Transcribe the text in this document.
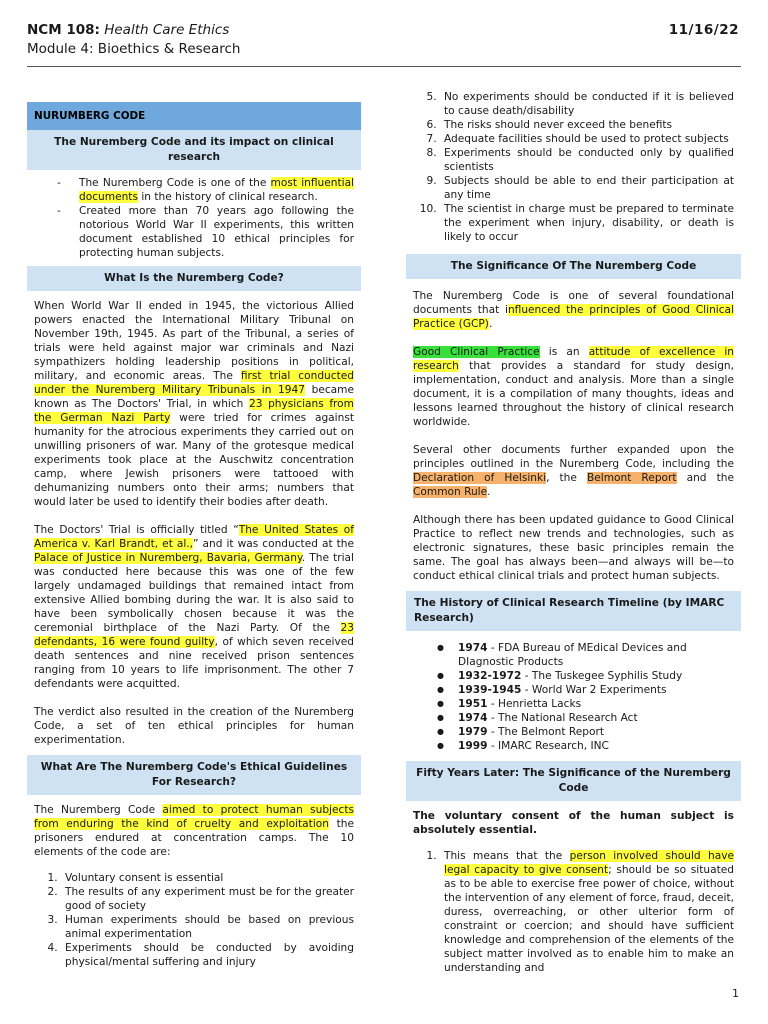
NCM 108: Health Care Ethics	11/16/22
Module 4: Bioethics & Research
NURUMBERG CODE
The Nuremberg Code and its impact on clinical research
- The Nuremberg Code is one of the most influential documents in the history of clinical research.
- Created more than 70 years ago following the notorious World War II experiments, this written document established 10 ethical principles for protecting human subjects.
What Is the Nuremberg Code?

When World War II ended in 1945, the victorious Allied powers enacted the International Military Tribunal on November 19th, 1945. As part of the Tribunal, a series of trials were held against major war criminals and Nazi sympathizers holding leadership positions in political, military, and economic areas. The first trial conducted under the Nuremberg Military Tribunals in 1947 became known as The Doctors' Trial, in which 23 physicians from the German Nazi Party were tried for crimes against humanity for the atrocious experiments they carried out on unwilling prisoners of war. Many of the grotesque medical experiments took place at the Auschwitz concentration camp, where Jewish prisoners were tattooed with dehumanizing numbers onto their arms; numbers that would later be used to identify their bodies after death.

The Doctors' Trial is officially titled “The United States of America v. Karl Brandt, et al.,” and it was conducted at the Palace of Justice in Nuremberg, Bavaria, Germany. The trial was conducted here because this was one of the few largely undamaged buildings that remained intact from extensive Allied bombing during the war. It is also said to have been symbolically chosen because it was the ceremonial birthplace of the Nazi Party. Of the 23 defendants, 16 were found guilty, of which seven received death sentences and nine received prison sentences ranging from 10 years to life imprisonment. The other 7 defendants were acquitted.

The verdict also resulted in the creation of the Nuremberg Code, a set of ten ethical principles for human experimentation.

What Are The Nuremberg Code's Ethical Guidelines For Research?

The Nuremberg Code aimed to protect human subjects from enduring the kind of cruelty and exploitation the prisoners endured at concentration camps. The 10 elements of the code are:

1. Voluntary consent is essential
2. The results of any experiment must be for the greater good of society
3. Human experiments should be based on previous animal experimentation
4. Experiments should be conducted by avoiding physical/mental suffering and injury
5. No experiments should be conducted if it is believed to cause death/disability
6. The risks should never exceed the benefits
7. Adequate facilities should be used to protect subjects
8. Experiments should be conducted only by qualified scientists
9. Subjects should be able to end their participation at any time
10. The scientist in charge must be prepared to terminate the experiment when injury, disability, or death is likely to occur
The Significance Of The Nuremberg Code

The Nuremberg Code is one of several foundational documents that influenced the principles of Good Clinical Practice (GCP).

Good Clinical Practice is an attitude of excellence in research that provides a standard for study design, implementation, conduct and analysis. More than a single document, it is a compilation of many thoughts, ideas and lessons learned throughout the history of clinical research worldwide.

Several other documents further expanded upon the principles outlined in the Nuremberg Code, including the Declaration of Helsinki, the Belmont Report and the Common Rule.

Although there has been updated guidance to Good Clinical Practice to reflect new trends and technologies, such as electronic signatures, these basic principles remain the same. The goal has always been—and always will be—to conduct ethical clinical trials and protect human subjects.

The History of Clinical Research Timeline (by IMARC Research)
● 1974 - FDA Bureau of MEdical Devices and DIagnostic Products
● 1932-1972 - The Tuskegee Syphilis Study
● 1939-1945 - World War 2 Experiments
● 1951 - Henrietta Lacks
● 1974 - The National Research Act
● 1979 - The Belmont Report
● 1999 - IMARC Research, INC
Fifty Years Later: The Significance of the Nuremberg Code

The voluntary consent of the human subject is absolutely essential.

1. This means that the person involved should have legal capacity to give consent; should be so situated as to be able to exercise free power of choice, without the intervention of any element of force, fraud, deceit, duress, overreaching, or other ulterior form of constraint or coercion; and should have sufficient knowledge and comprehension of the elements of the subject matter involved as to enable him to make an understanding and
1
